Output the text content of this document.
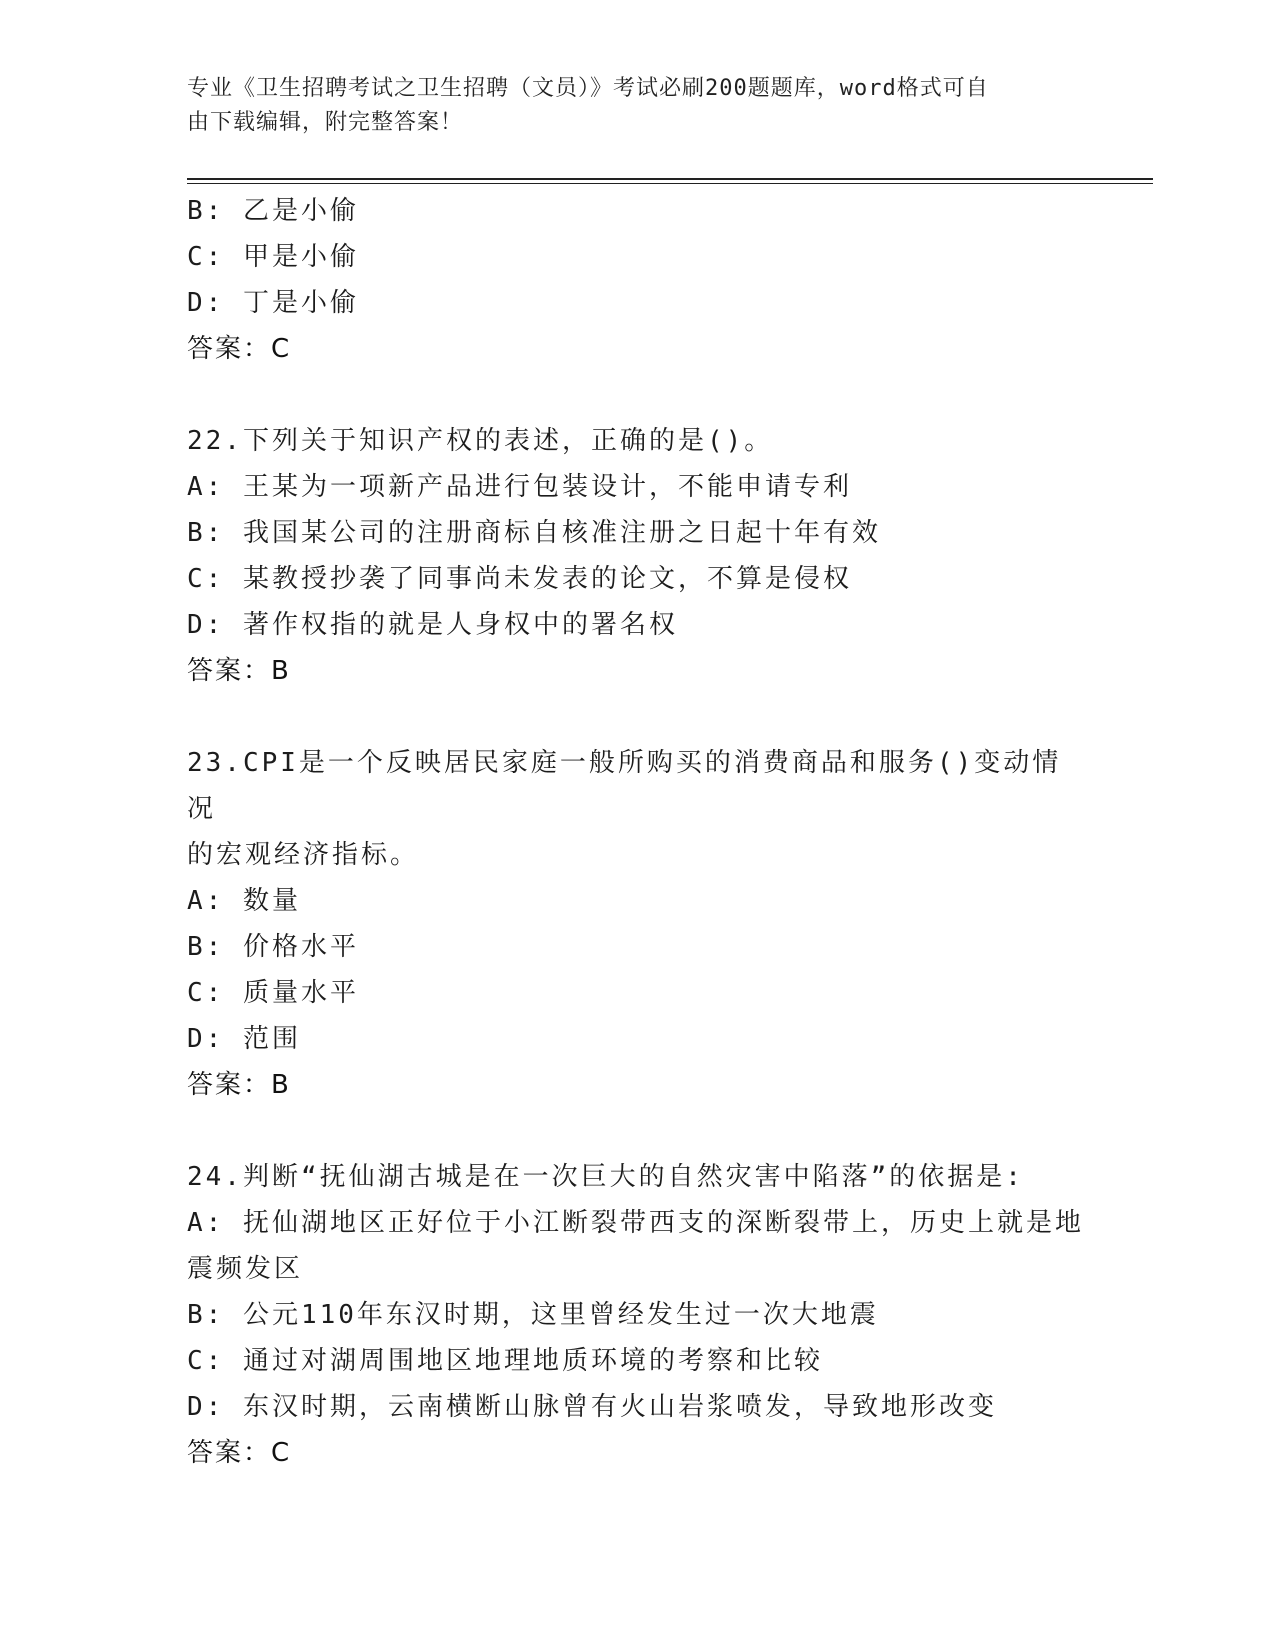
专业《卫生招聘考试之卫生招聘（文员）》考试必刷200题题库，word格式可自
由下载编辑，附完整答案！
B: 乙是小偷
C: 甲是小偷
D: 丁是小偷
答案：C
22.下列关于知识产权的表述，正确的是()。
A: 王某为一项新产品进行包装设计，不能申请专利
B: 我国某公司的注册商标自核准注册之日起十年有效
C: 某教授抄袭了同事尚未发表的论文，不算是侵权
D: 著作权指的就是人身权中的署名权
答案：B
23.CPI是一个反映居民家庭一般所购买的消费商品和服务()变动情况
的宏观经济指标。
A: 数量
B: 价格水平
C: 质量水平
D: 范围
答案：B
24.判断“抚仙湖古城是在一次巨大的自然灾害中陷落”的依据是:
A: 抚仙湖地区正好位于小江断裂带西支的深断裂带上，历史上就是地
震频发区
B: 公元110年东汉时期，这里曾经发生过一次大地震
C: 通过对湖周围地区地理地质环境的考察和比较
D: 东汉时期，云南横断山脉曾有火山岩浆喷发，导致地形改变
答案：C
